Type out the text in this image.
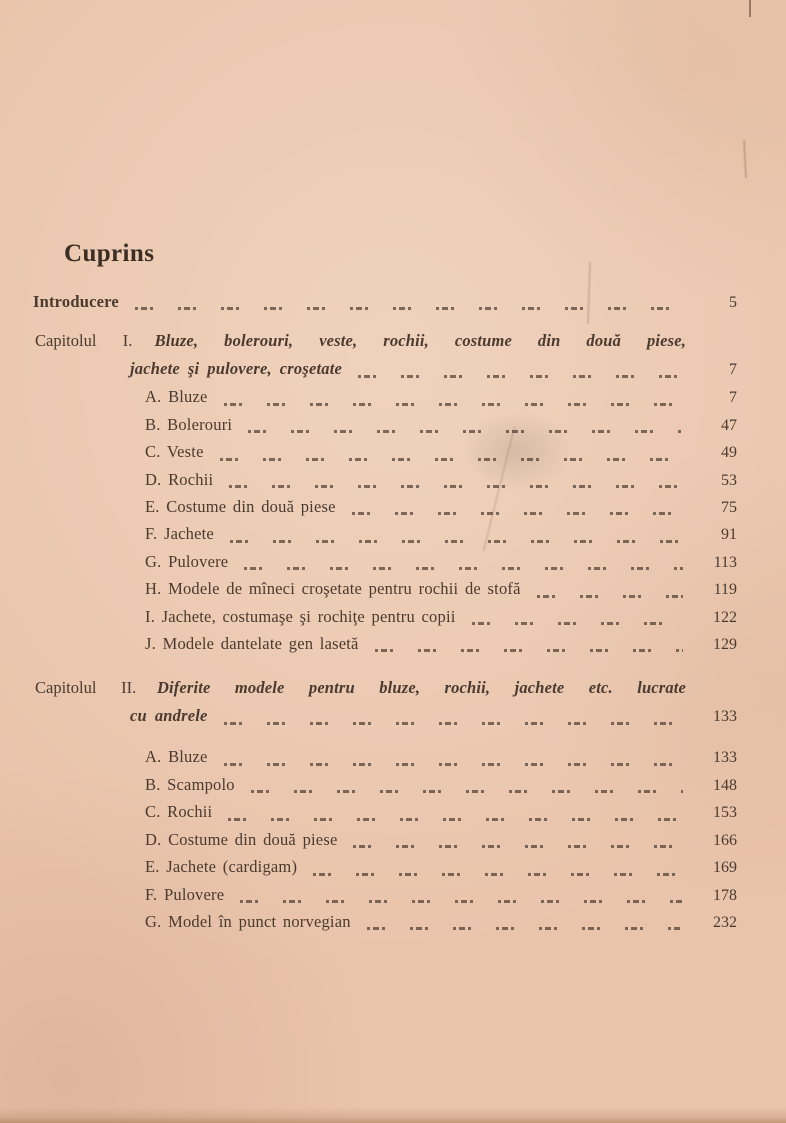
Cuprins
Introducere	5
Capitolul I. Bluze, bolerouri, veste, rochii, costume din două piese,
jachete şi pulovere, croşetate	7
A. Bluze	7
B. Bolerouri	47
C. Veste	49
D. Rochii	53
E. Costume din două piese	75
F. Jachete	91
G. Pulovere	113
H. Modele de mîneci croşetate pentru rochii de stofă	119
I. Jachete, costumaşe şi rochiţe pentru copii	122
J. Modele dantelate gen lasetă	129
Capitolul II. Diferite modele pentru bluze, rochii, jachete etc. lucrate
cu andrele	133
A. Bluze	133
B. Scampolo	148
C. Rochii	153
D. Costume din două piese	166
E. Jachete (cardigam)	169
F. Pulovere	178
G. Model în punct norvegian	232
